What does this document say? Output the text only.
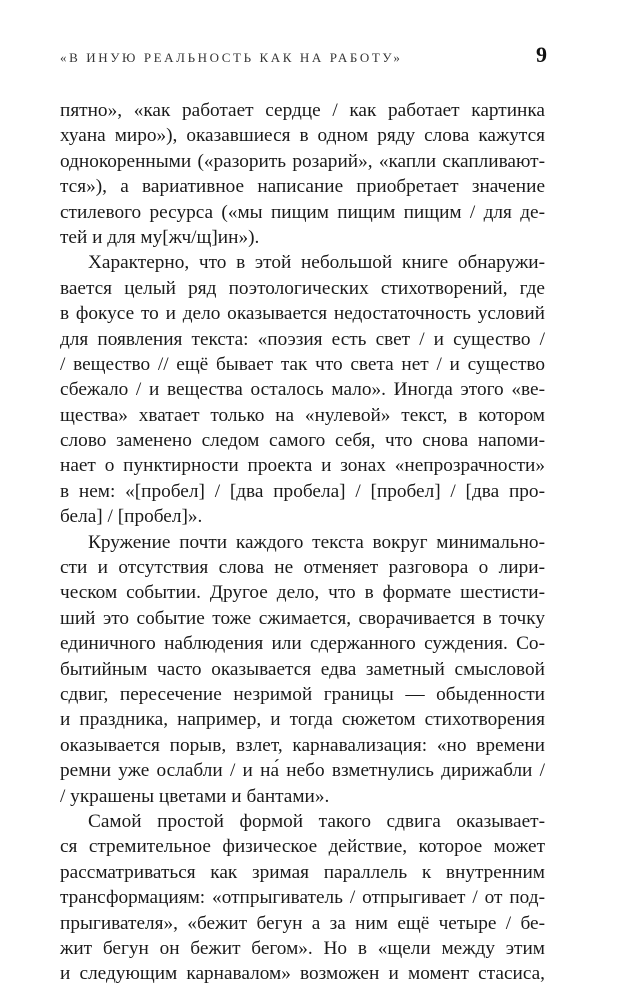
«В ИНУЮ РЕАЛЬНОСТЬ КАК НА РАБОТУ»	9
пятно», «как работает сердце / как работает картинка
хуана миро»), оказавшиеся в одном ряду слова кажутся
однокоренными («разорить розарий», «капли скапливают-
тся»), а вариативное написание приобретает значение
стилевого ресурса («мы пищим пищим пищим / для де-
тей и для му[жч/щ]ин»).
Характерно, что в этой небольшой книге обнаружи-
вается целый ряд поэтологических стихотворений, где
в фокусе то и дело оказывается недостаточность условий
для появления текста: «поэзия есть свет / и существо /
/ вещество // ещё бывает так что света нет / и существо
сбежало / и вещества осталось мало». Иногда этого «ве-
щества» хватает только на «нулевой» текст, в котором
слово заменено следом самого себя, что снова напоми-
нает о пунктирности проекта и зонах «непрозрачности»
в нем: «[пробел] / [два пробела] / [пробел] / [два про-
бела] / [пробел]».
Кружение почти каждого текста вокруг минимально-
сти и отсутствия слова не отменяет разговора о лири-
ческом событии. Другое дело, что в формате шестисти-
ший это событие тоже сжимается, сворачивается в точку
единичного наблюдения или сдержанного суждения. Со-
бытийным часто оказывается едва заметный смысловой
сдвиг, пересечение незримой границы — обыденности
и праздника, например, и тогда сюжетом стихотворения
оказывается порыв, взлет, карнавализация: «но времени
ремни уже ослабли / и на́ небо взметнулись дирижабли /
/ украшены цветами и бантами».
Самой простой формой такого сдвига оказывает-
ся стремительное физическое действие, которое может
рассматриваться как зримая параллель к внутренним
трансформациям: «отпрыгиватель / отпрыгивает / от под-
прыгивателя», «бежит бегун а за ним ещё четыре / бе-
жит бегун он бежит бегом». Но в «щели между этим
и следующим карнавалом» возможен и момент стасиса,
